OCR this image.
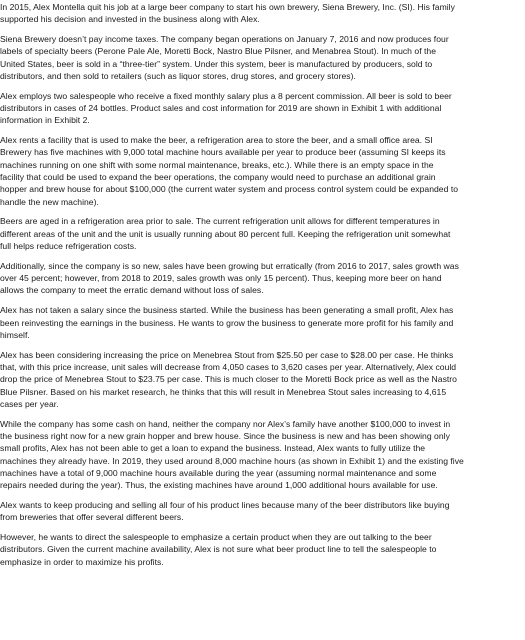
In 2015, Alex Montella quit his job at a large beer company to start his own brewery, Siena Brewery, Inc. (SI). His family
supported his decision and invested in the business along with Alex.

Siena Brewery doesn’t pay income taxes. The company began operations on January 7, 2016 and now produces four
labels of specialty beers (Perone Pale Ale, Moretti Bock, Nastro Blue Pilsner, and Menabrea Stout). In much of the
United States, beer is sold in a “three-tier” system. Under this system, beer is manufactured by producers, sold to
distributors, and then sold to retailers (such as liquor stores, drug stores, and grocery stores).

Alex employs two salespeople who receive a fixed monthly salary plus a 8 percent commission. All beer is sold to beer
distributors in cases of 24 bottles. Product sales and cost information for 2019 are shown in Exhibit 1 with additional
information in Exhibit 2.

Alex rents a facility that is used to make the beer, a refrigeration area to store the beer, and a small office area. SI
Brewery has five machines with 9,000 total machine hours available per year to produce beer (assuming SI keeps its
machines running on one shift with some normal maintenance, breaks, etc.). While there is an empty space in the
facility that could be used to expand the beer operations, the company would need to purchase an additional grain
hopper and brew house for about $100,000 (the current water system and process control system could be expanded to
handle the new machine).

Beers are aged in a refrigeration area prior to sale. The current refrigeration unit allows for different temperatures in
different areas of the unit and the unit is usually running about 80 percent full. Keeping the refrigeration unit somewhat
full helps reduce refrigeration costs.

Additionally, since the company is so new, sales have been growing but erratically (from 2016 to 2017, sales growth was
over 45 percent; however, from 2018 to 2019, sales growth was only 15 percent). Thus, keeping more beer on hand
allows the company to meet the erratic demand without loss of sales.

Alex has not taken a salary since the business started. While the business has been generating a small profit, Alex has
been reinvesting the earnings in the business. He wants to grow the business to generate more profit for his family and
himself.

Alex has been considering increasing the price on Menebrea Stout from $25.50 per case to $28.00 per case. He thinks
that, with this price increase, unit sales will decrease from 4,050 cases to 3,620 cases per year. Alternatively, Alex could
drop the price of Menebrea Stout to $23.75 per case. This is much closer to the Moretti Bock price as well as the Nastro
Blue Pilsner. Based on his market research, he thinks that this will result in Menebrea Stout sales increasing to 4,615
cases per year.

While the company has some cash on hand, neither the company nor Alex’s family have another $100,000 to invest in
the business right now for a new grain hopper and brew house. Since the business is new and has been showing only
small profits, Alex has not been able to get a loan to expand the business. Instead, Alex wants to fully utilize the
machines they already have. In 2019, they used around 8,000 machine hours (as shown in Exhibit 1) and the existing five
machines have a total of 9,000 machine hours available during the year (assuming normal maintenance and some
repairs needed during the year). Thus, the existing machines have around 1,000 additional hours available for use.

Alex wants to keep producing and selling all four of his product lines because many of the beer distributors like buying
from breweries that offer several different beers.

However, he wants to direct the salespeople to emphasize a certain product when they are out talking to the beer
distributors. Given the current machine availability, Alex is not sure what beer product line to tell the salespeople to
emphasize in order to maximize his profits.
